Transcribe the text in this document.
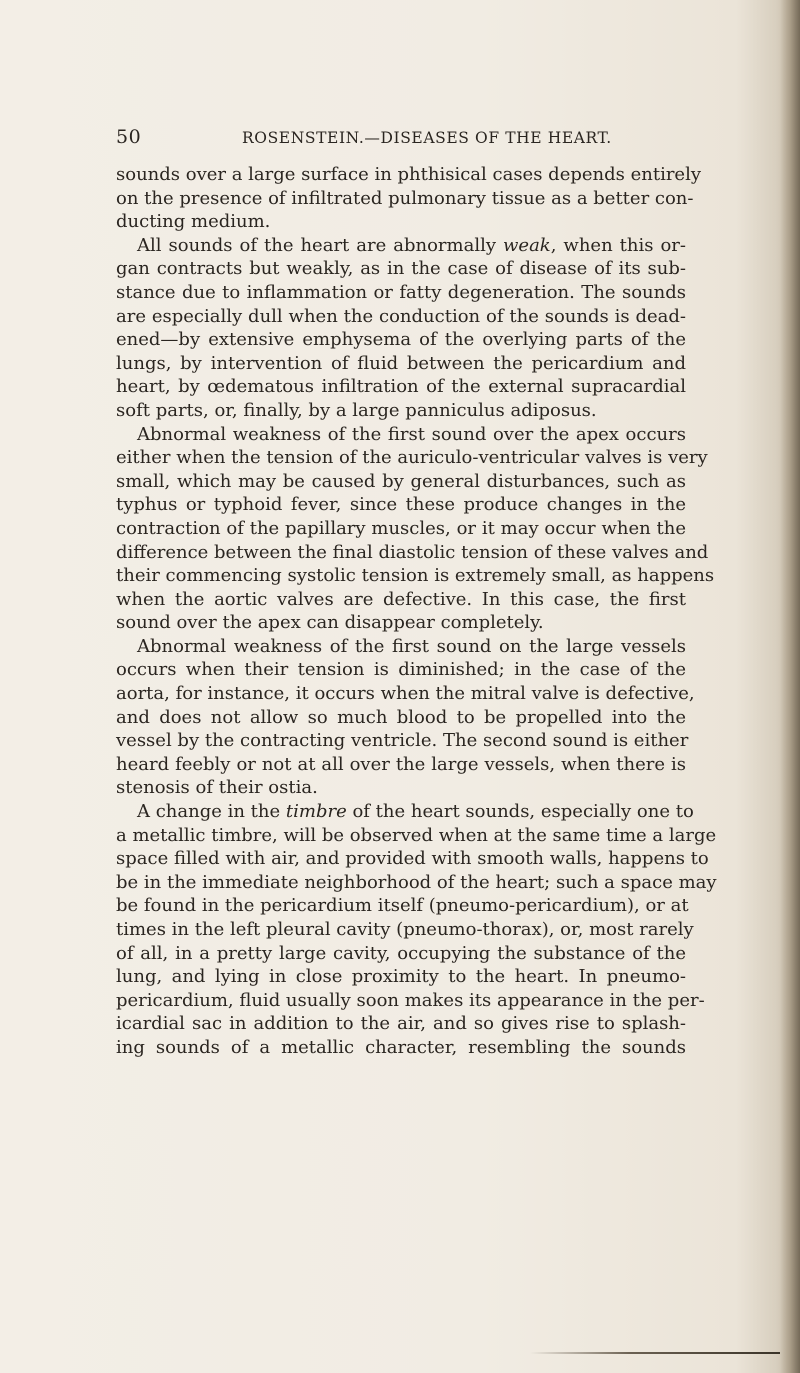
50	ROSENSTEIN.—DISEASES OF THE HEART.
sounds over a large surface in phthisical cases depends entirely
on the presence of infiltrated pulmonary tissue as a better con-
ducting medium.
All sounds of the heart are abnormally weak, when this or-
gan contracts but weakly, as in the case of disease of its sub-
stance due to inflammation or fatty degeneration. The sounds
are especially dull when the conduction of the sounds is dead-
ened—by extensive emphysema of the overlying parts of the
lungs, by intervention of fluid between the pericardium and
heart, by œdematous infiltration of the external supracardial
soft parts, or, finally, by a large panniculus adiposus.
Abnormal weakness of the first sound over the apex occurs
either when the tension of the auriculo-ventricular valves is very
small, which may be caused by general disturbances, such as
typhus or typhoid fever, since these produce changes in the
contraction of the papillary muscles, or it may occur when the
difference between the final diastolic tension of these valves and
their commencing systolic tension is extremely small, as happens
when the aortic valves are defective. In this case, the first
sound over the apex can disappear completely.
Abnormal weakness of the first sound on the large vessels
occurs when their tension is diminished; in the case of the
aorta, for instance, it occurs when the mitral valve is defective,
and does not allow so much blood to be propelled into the
vessel by the contracting ventricle. The second sound is either
heard feebly or not at all over the large vessels, when there is
stenosis of their ostia.
A change in the timbre of the heart sounds, especially one to
a metallic timbre, will be observed when at the same time a large
space filled with air, and provided with smooth walls, happens to
be in the immediate neighborhood of the heart; such a space may
be found in the pericardium itself (pneumo-pericardium), or at
times in the left pleural cavity (pneumo-thorax), or, most rarely
of all, in a pretty large cavity, occupying the substance of the
lung, and lying in close proximity to the heart. In pneumo-
pericardium, fluid usually soon makes its appearance in the per-
icardial sac in addition to the air, and so gives rise to splash-
ing sounds of a metallic character, resembling the sounds
